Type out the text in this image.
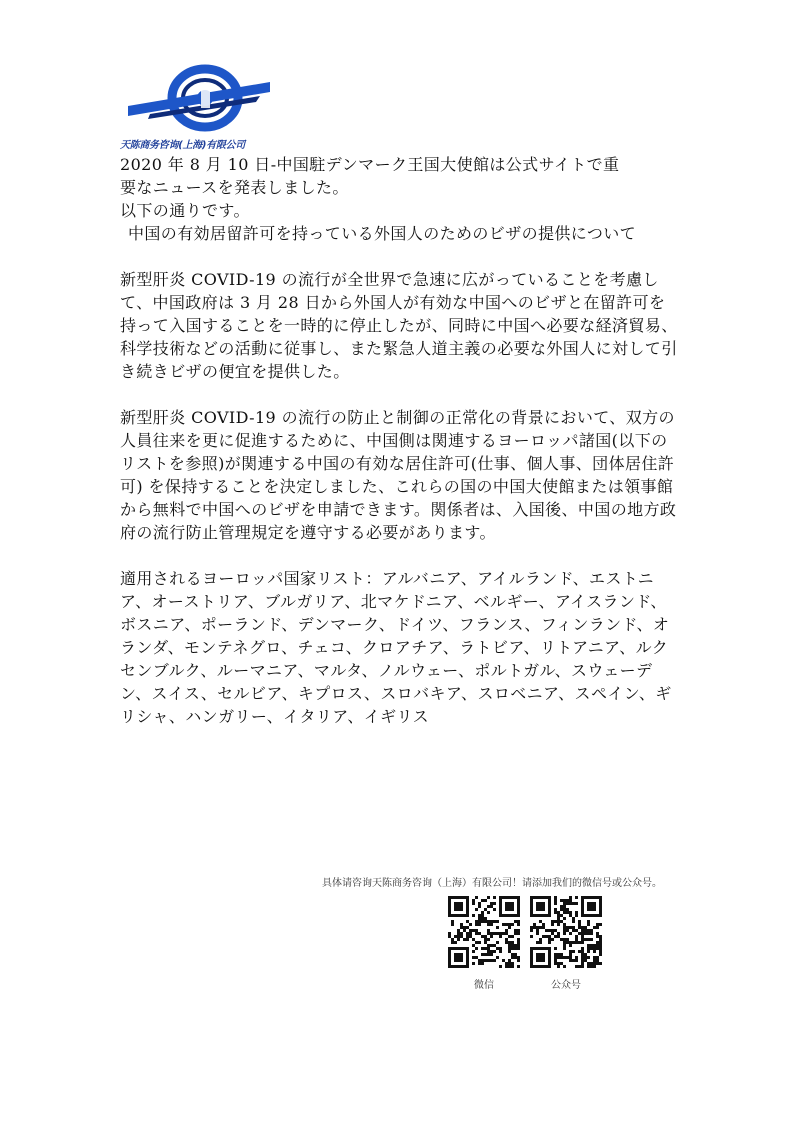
天陈商务咨询(上海)有限公司

2020 年 8 月 10 日-中国駐デンマーク王国大使館は公式サイトで重

要なニュースを発表しました。

以下の通りです。

中国の有効居留許可を持っている外国人のためのビザの提供について

新型肝炎 COVID-19 の流行が全世界で急速に広がっていることを考慮して、中国政府は 3 月 28 日から外国人が有効な中国へのビザと在留許可を持って入国することを一時的に停止したが、同時に中国へ必要な経済貿易、科学技術などの活動に従事し、また緊急人道主義の必要な外国人に対して引き続きビザの便宜を提供した。

新型肝炎 COVID-19 の流行の防止と制御の正常化の背景において、双方の人員往来を更に促進するために、中国側は関連するヨーロッパ諸国(以下のリストを参照)が関連する中国の有効な居住許可(仕事、個人事、団体居住許可) を保持することを決定しました、これらの国の中国大使館または領事館から無料で中国へのビザを申請できます。関係者は、入国後、中国の地方政府の流行防止管理規定を遵守する必要があります。

適用されるヨーロッパ国家リスト：アルバニア、アイルランド、エストニア、オーストリア、ブルガリア、北マケドニア、ベルギー、アイスランド、ボスニア、ポーランド、デンマーク、ドイツ、フランス、フィンランド、オランダ、モンテネグロ、チェコ、クロアチア、ラトビア、リトアニア、ルクセンブルク、ルーマニア、マルタ、ノルウェー、ポルトガル、スウェーデン、スイス、セルビア、キプロス、スロバキア、スロベニア、スペイン、ギリシャ、ハンガリー、イタリア、イギリス

具体请咨询天陈商务咨询（上海）有限公司！请添加我们的微信号或公众号。
微信	公众号
